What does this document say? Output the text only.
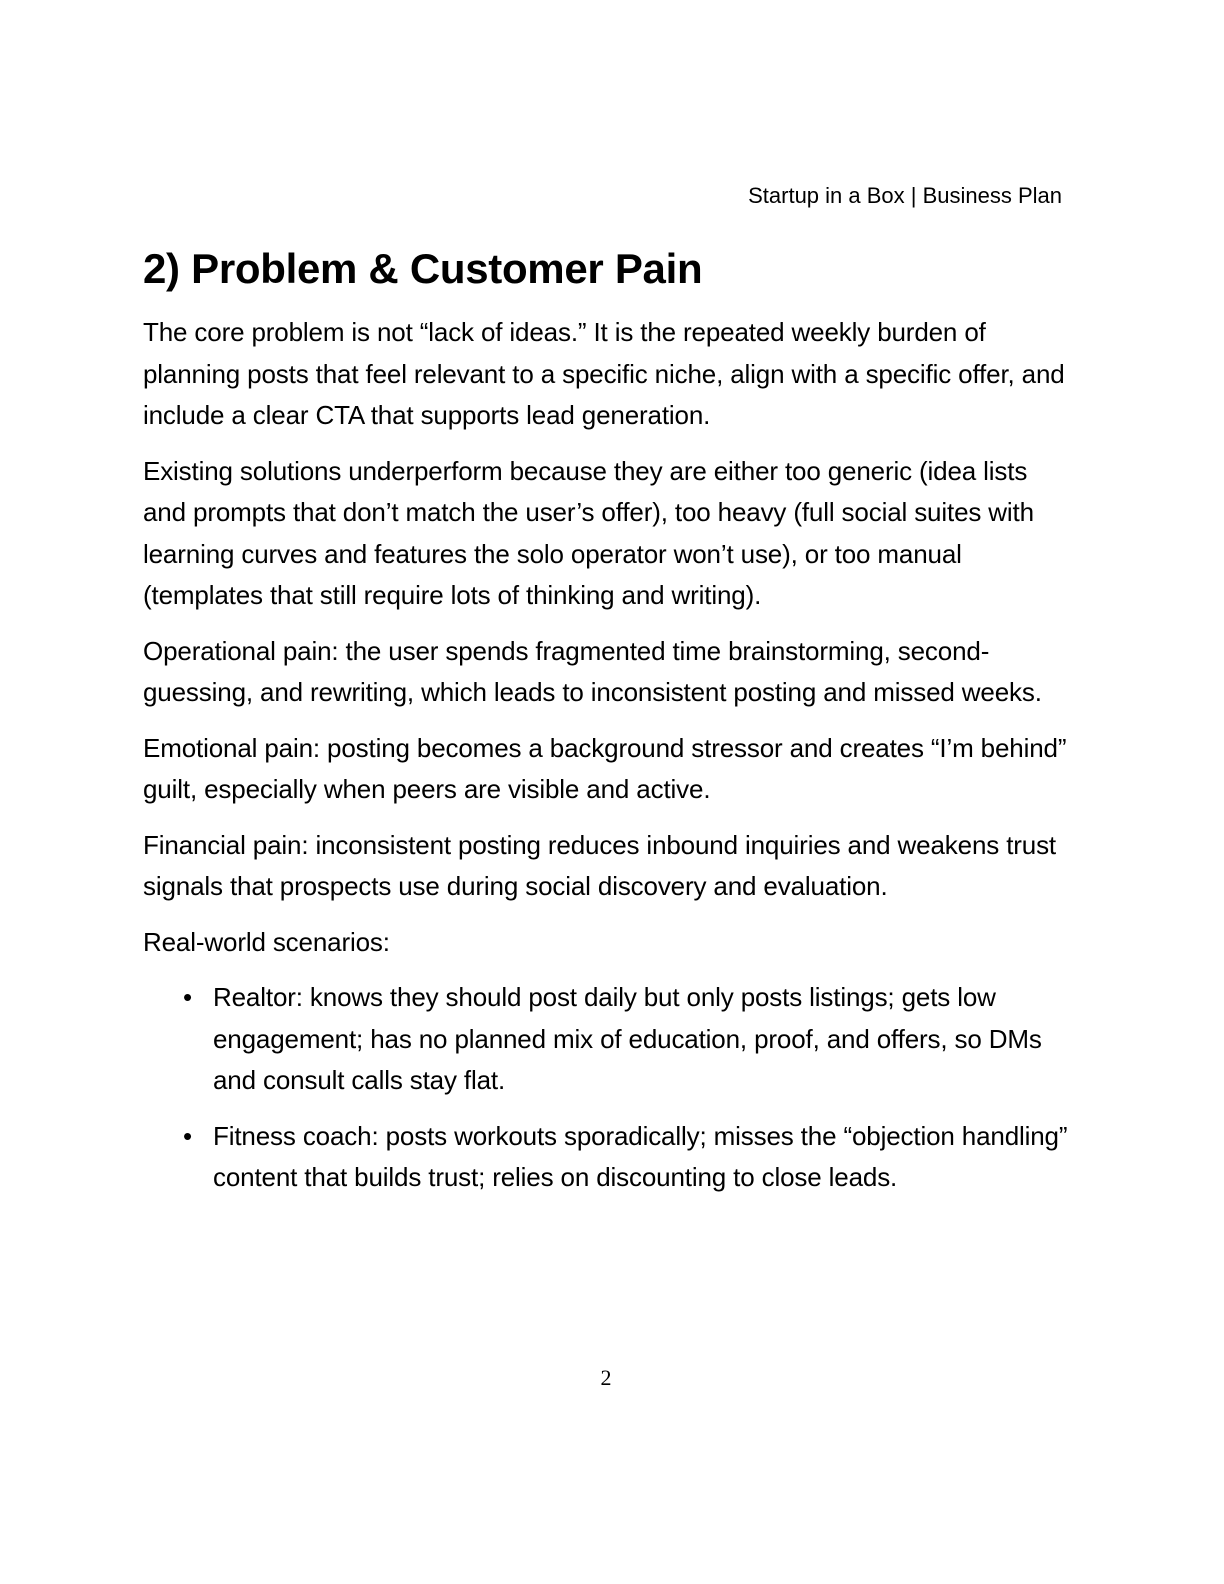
Startup in a Box | Business Plan
2) Problem & Customer Pain

The core problem is not “lack of ideas.” It is the repeated weekly burden of planning posts that feel relevant to a specific niche, align with a specific offer, and include a clear CTA that supports lead generation.

Existing solutions underperform because they are either too generic (idea lists and prompts that don’t match the user’s offer), too heavy (full social suites with learning curves and features the solo operator won’t use), or too manual (templates that still require lots of thinking and writing).

Operational pain: the user spends fragmented time brainstorming, second-guessing, and rewriting, which leads to inconsistent posting and missed weeks.

Emotional pain: posting becomes a background stressor and creates “I’m behind” guilt, especially when peers are visible and active.

Financial pain: inconsistent posting reduces inbound inquiries and weakens trust signals that prospects use during social discovery and evaluation.

Real-world scenarios:

• Realtor: knows they should post daily but only posts listings; gets low engagement; has no planned mix of education, proof, and offers, so DMs and consult calls stay flat.
• Fitness coach: posts workouts sporadically; misses the “objection handling” content that builds trust; relies on discounting to close leads.
2
